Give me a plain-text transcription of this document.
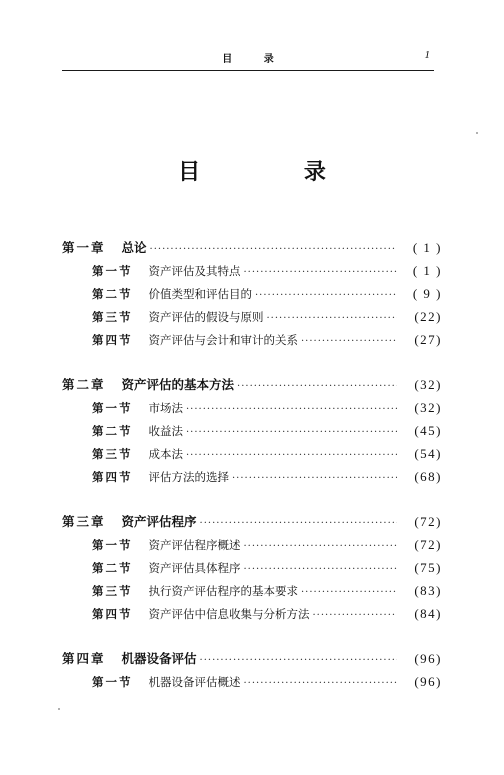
目 录	1
目 录
第一章 总论 ·····	( 1 )
第一节 资产评估及其特点 ·····	( 1 )
第二节 价值类型和评估目的 ·····	( 9 )
第三节 资产评估的假设与原则 ·····	(22)
第四节 资产评估与会计和审计的关系 ·····	(27)
第二章 资产评估的基本方法 ·····	(32)
第一节 市场法 ·····	(32)
第二节 收益法 ·····	(45)
第三节 成本法 ·····	(54)
第四节 评估方法的选择 ·····	(68)
第三章 资产评估程序 ·····	(72)
第一节 资产评估程序概述 ·····	(72)
第二节 资产评估具体程序 ·····	(75)
第三节 执行资产评估程序的基本要求 ·····	(83)
第四节 资产评估中信息收集与分析方法 ·····	(84)
第四章 机器设备评估 ·····	(96)
第一节 机器设备评估概述 ·····	(96)
